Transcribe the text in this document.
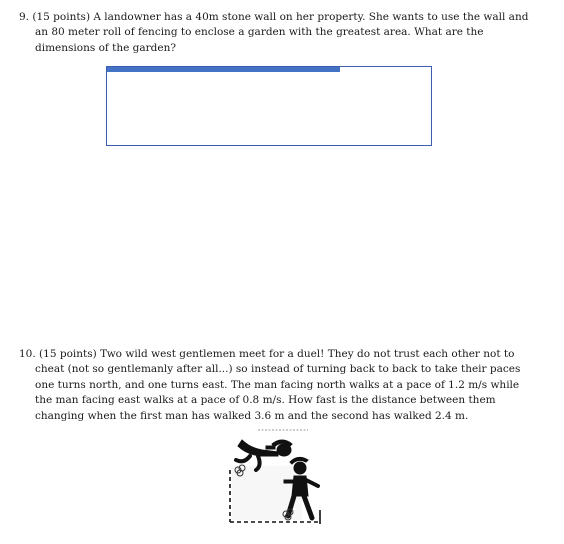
9. (15 points) A landowner has a 40m stone wall on her property. She wants to use the wall and an 80 meter roll of fencing to enclose a garden with the greatest area. What are the dimensions of the garden?
10. (15 points) Two wild west gentlemen meet for a duel! They do not trust each other not to cheat (not so gentlemanly after all...) so instead of turning back to back to take their paces one turns north, and one turns east. The man facing north walks at a pace of 1.2 m/s while the man facing east walks at a pace of 0.8 m/s. How fast is the distance between them changing when the first man has walked 3.6 m and the second has walked 2.4 m.
